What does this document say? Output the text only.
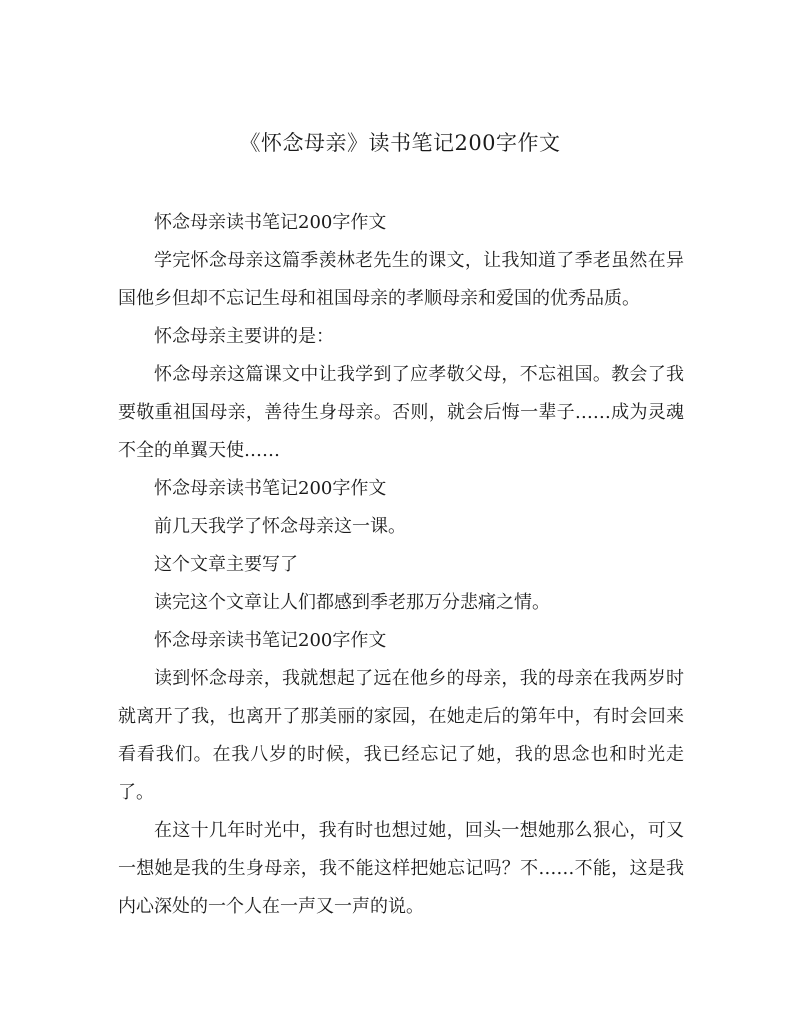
《怀念母亲》读书笔记200字作文

怀念母亲读书笔记200字作文

学完怀念母亲这篇季羡林老先生的课文，让我知道了季老虽然在异国他乡但却不忘记生母和祖国母亲的孝顺母亲和爱国的优秀品质。

怀念母亲主要讲的是：

怀念母亲这篇课文中让我学到了应孝敬父母，不忘祖国。教会了我要敬重祖国母亲，善待生身母亲。否则，就会后悔一辈子……成为灵魂不全的单翼天使……

怀念母亲读书笔记200字作文

前几天我学了怀念母亲这一课。

这个文章主要写了

读完这个文章让人们都感到季老那万分悲痛之情。

怀念母亲读书笔记200字作文

读到怀念母亲，我就想起了远在他乡的母亲，我的母亲在我两岁时就离开了我，也离开了那美丽的家园，在她走后的第年中，有时会回来看看我们。在我八岁的时候，我已经忘记了她，我的思念也和时光走了。

在这十几年时光中，我有时也想过她，回头一想她那么狠心，可又一想她是我的生身母亲，我不能这样把她忘记吗？不……不能，这是我内心深处的一个人在一声又一声的说。
